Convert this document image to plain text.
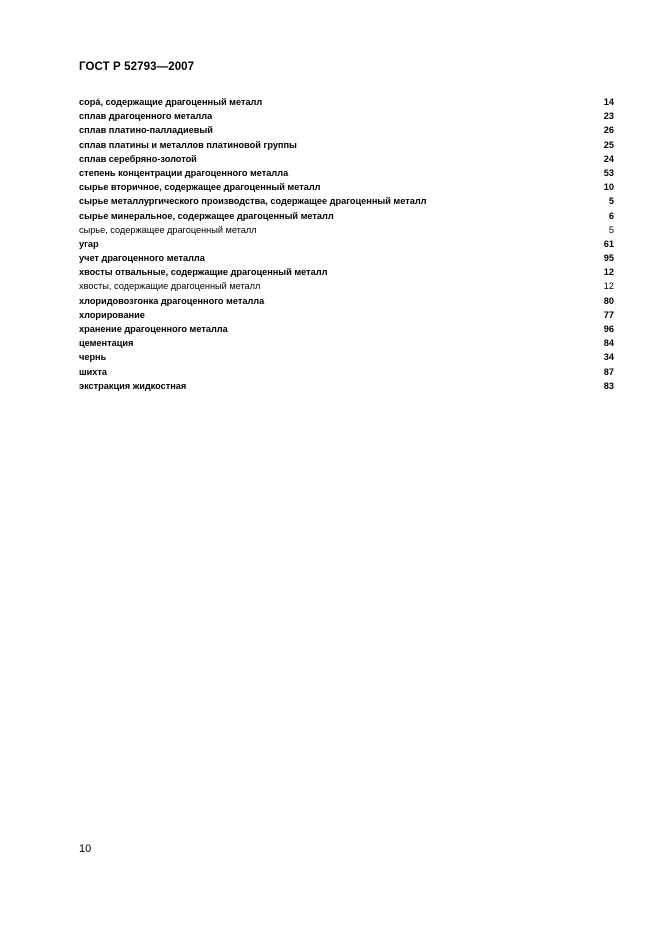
ГОСТ Р 52793—2007
copá, содержащие драгоценный металл	14
сплав драгоценного металла	23
сплав платино-палладиевый	26
сплав платины и металлов платиновой группы	25
сплав серебряно-золотой	24
степень концентрации драгоценного металла	53
сырье вторичное, содержащее драгоценный металл	10
сырье металлургического производства, содержащее драгоценный металл	5
сырье минеральное, содержащее драгоценный металл	6
сырье, содержащее драгоценный металл	5
угар	61
учет драгоценного металла	95
хвосты отвальные, содержащие драгоценный металл	12
хвосты, содержащие драгоценный металл	12
хлоридовозгонка драгоценного металла	80
хлорирование	77
хранение драгоценного металла	96
цементация	84
чернь	34
шихта	87
экстракция жидкостная	83
10
